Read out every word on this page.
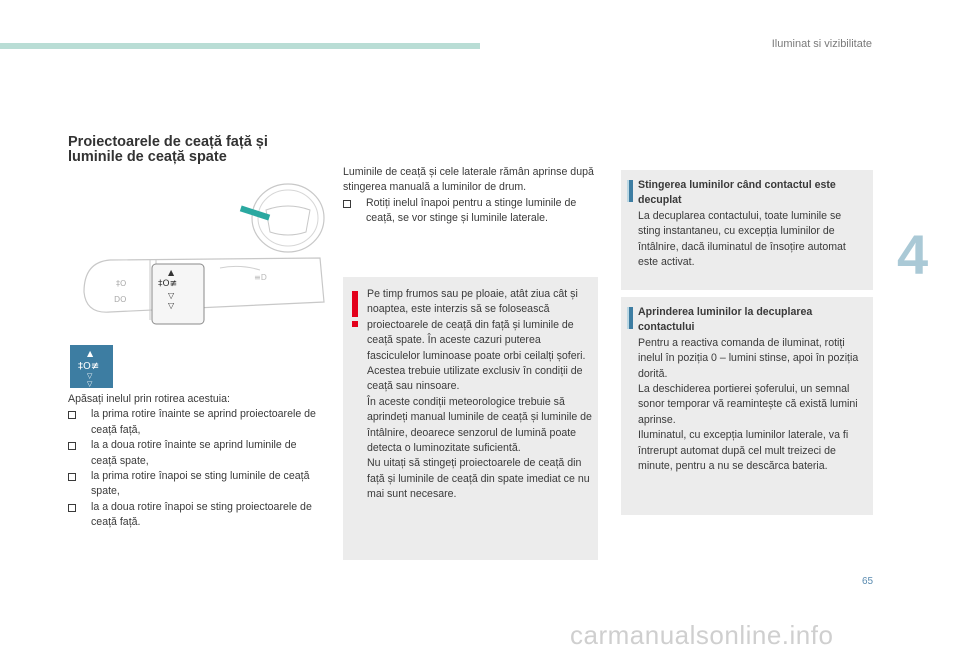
Iluminat si vizibilitate
4
65
carmanualsonline.info
Proiectoarele de ceață față și luminile de ceață spate
▲
‡O≢
▽
▽
‡O
DO
≡D
▲
‡O≢
▽
▽
Apăsați inelul prin rotirea acestuia:
la prima rotire înainte se aprind proiectoarele de ceață față,
la a doua rotire înainte se aprind luminile de ceață spate,
la prima rotire înapoi se sting luminile de ceață spate,
la a doua rotire înapoi se sting proiectoarele de ceață față.
Luminile de ceață și cele laterale rămân aprinse după stingerea manuală a luminilor de drum.
Rotiți inelul înapoi pentru a stinge luminile de ceață, se vor stinge și luminile laterale.
Pe timp frumos sau pe ploaie, atât ziua cât și noaptea, este interzis să se folosească proiectoarele de ceață din față și luminile de ceață spate. În aceste cazuri puterea fasciculelor luminoase poate orbi ceilalți șoferi. Acestea trebuie utilizate exclusiv în condiții de ceață sau ninsoare.
În aceste condiții meteorologice trebuie să aprindeți manual luminile de ceață și luminile de întâlnire, deoarece senzorul de lumină poate detecta o luminozitate suficientă.
Nu uitați să stingeți proiectoarele de ceață din față și luminile de ceață din spate imediat ce nu mai sunt necesare.
Stingerea luminilor când contactul este decuplat
La decuplarea contactului, toate luminile se sting instantaneu, cu excepția luminilor de întâlnire, dacă iluminatul de însoțire automat este activat.
Aprinderea luminilor la decuplarea contactului
Pentru a reactiva comanda de iluminat, rotiți inelul în poziția 0 – lumini stinse, apoi în poziția dorită.
La deschiderea portierei șoferului, un semnal sonor temporar vă reamintește că există lumini aprinse.
Iluminatul, cu excepția luminilor laterale, va fi întrerupt automat după cel mult treizeci de minute, pentru a nu se descărca bateria.
